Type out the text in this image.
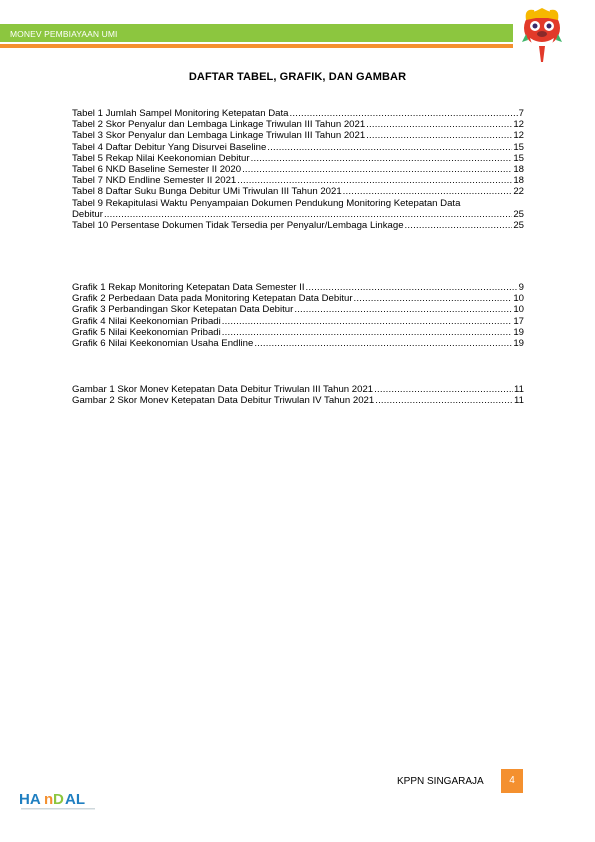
MONEV PEMBIAYAAN UMI
DAFTAR TABEL, GRAFIK, DAN GAMBAR
Tabel 1 Jumlah Sampel Monitoring Ketepatan Data .....	7
Tabel 2 Skor Penyalur dan Lembaga Linkage Triwulan III Tahun 2021 .....	12
Tabel 3 Skor Penyalur dan Lembaga Linkage Triwulan III Tahun 2021 .....	12
Tabel 4 Daftar Debitur Yang Disurvei Baseline .....	15
Tabel 5 Rekap Nilai Keekonomian Debitur .....	15
Tabel 6 NKD Baseline Semester II 2020 .....	18
Tabel 7 NKD Endline Semester II 2021 .....	18
Tabel 8 Daftar Suku Bunga Debitur UMi Triwulan III Tahun 2021 .....	22
Tabel 9 Rekapitulasi Waktu Penyampaian Dokumen Pendukung Monitoring Ketepatan Data
Debitur .....	25
Tabel 10 Persentase Dokumen Tidak Tersedia per Penyalur/Lembaga Linkage .....	25
Grafik 1 Rekap Monitoring Ketepatan Data Semester II .....	9
Grafik 2 Perbedaan Data pada Monitoring Ketepatan Data Debitur .....	10
Grafik 3 Perbandingan Skor Ketepatan Data Debitur .....	10
Grafik 4 Nilai Keekonomian Pribadi .....	17
Grafik 5 Nilai Keekonomian Pribadi .....	19
Grafik 6 Nilai Keekonomian Usaha Endline .....	19
Gambar 1 Skor Monev Ketepatan Data Debitur Triwulan III Tahun 2021 .....	11
Gambar 2 Skor Monev Ketepatan Data Debitur Triwulan IV Tahun 2021 .....	11
HA n D AL
KPPN SINGARAJA	4
